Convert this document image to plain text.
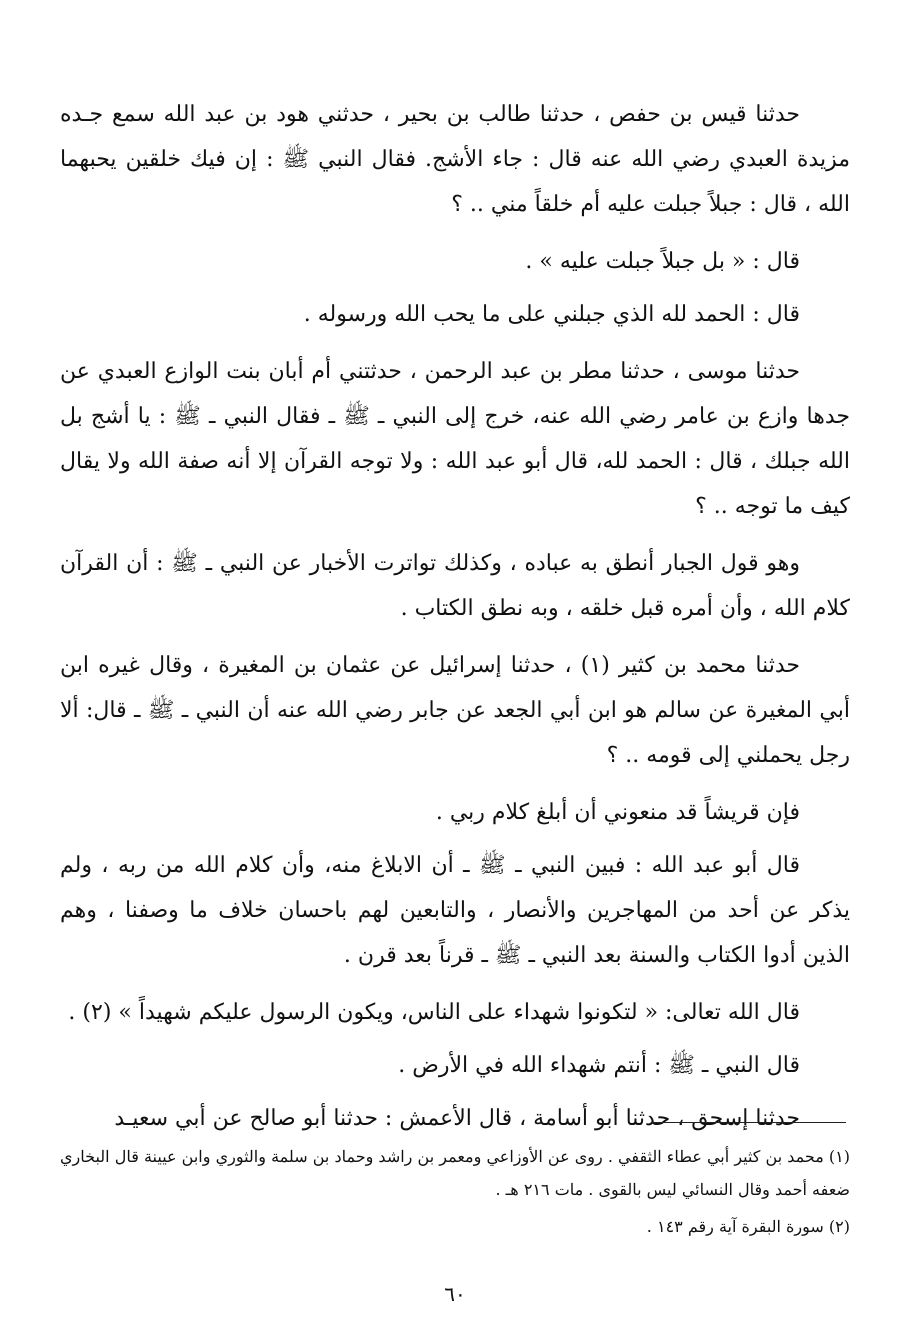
حدثنا قيس بن حفص ، حدثنا طالب بن بحير ، حدثني هود بن عبد الله سمع جـده مزيدة العبدي رضي الله عنه قال : جاء الأشج. فقال النبي ﷺ : إن فيك خلقين يحبهما الله ، قال : جبلاً جبلت عليه أم خلقاً مني .. ؟

قال : « بل جبلاً جبلت عليه » .

قال : الحمد لله الذي جبلني على ما يحب الله ورسوله .

حدثنا موسى ، حدثنا مطر بن عبد الرحمن ، حدثتني أم أبان بنت الوازع العبدي عن جدها وازع بن عامر رضي الله عنه، خرج إلى النبي ـ ﷺ ـ فقال النبي ـ ﷺ : يا أشج بل الله جبلك ، قال : الحمد لله، قال أبو عبد الله : ولا توجه القرآن إلا أنه صفة الله ولا يقال كيف ما توجه .. ؟

وهو قول الجبار أنطق به عباده ، وكذلك تواترت الأخبار عن النبي ـ ﷺ : أن القرآن كلام الله ، وأن أمره قبل خلقه ، وبه نطق الكتاب .

حدثنا محمد بن كثير (١) ، حدثنا إسرائيل عن عثمان بن المغيرة ، وقال غيره ابن أبي المغيرة عن سالم هو ابن أبي الجعد عن جابر رضي الله عنه أن النبي ـ ﷺ ـ قال: ألا رجل يحملني إلى قومه .. ؟

فإن قريشاً قد منعوني أن أبلغ كلام ربي .

قال أبو عبد الله : فبين النبي ـ ﷺ ـ أن الابلاغ منه، وأن كلام الله من ربه ، ولم يذكر عن أحد من المهاجرين والأنصار ، والتابعين لهم باحسان خلاف ما وصفنا ، وهم الذين أدوا الكتاب والسنة بعد النبي ـ ﷺ ـ قرناً بعد قرن .

قال الله تعالى: « لتكونوا شهداء على الناس، ويكون الرسول عليكم شهيداً » (٢) .

قال النبي ـ ﷺ : أنتم شهداء الله في الأرض .

حدثنا إسحق ، حدثنا أبو أسامة ، قال الأعمش : حدثنا أبو صالح عن أبي سعيـد

(١) محمد بن كثير أبي عطاء الثقفي . روى عن الأوزاعي ومعمر بن راشد وحماد بن سلمة والثوري وابن عيينة قال البخاري ضعفه أحمد وقال النسائي ليس بالقوى . مات ٢١٦ هـ .

(٢) سورة البقرة آية رقم ١٤٣ .

٦٠
